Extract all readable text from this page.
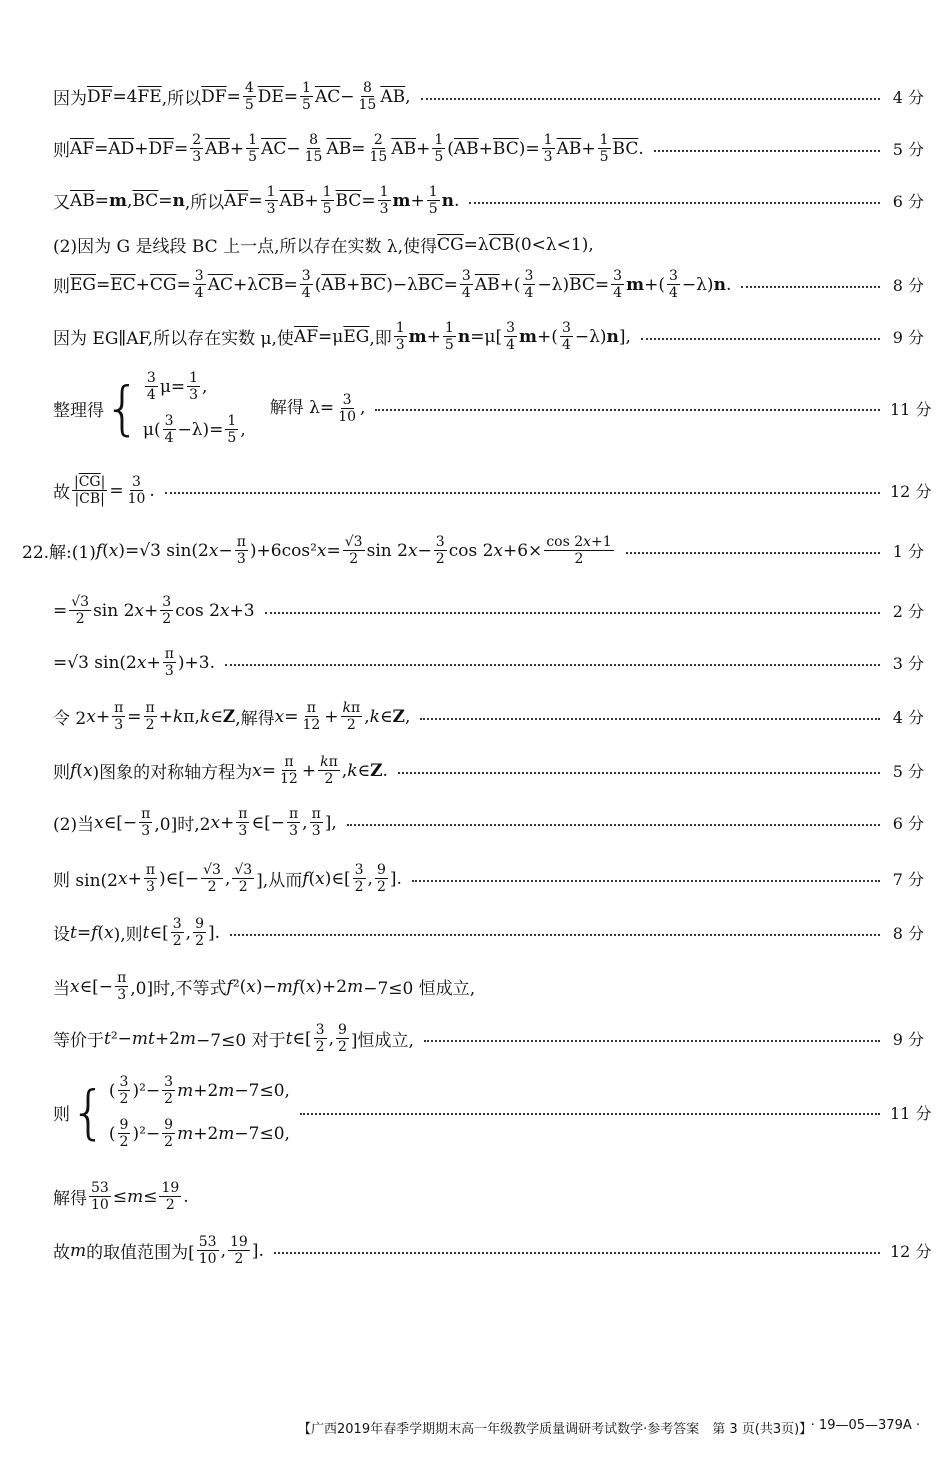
因为 $\overline{DF} =4$ $\overline{FE}$ ,所以 $\overline{DF} = \frac{4}{5} \overline{DE} = \frac{1}{5} \overline{AC} - \frac{8}{15} \overline{AB}$ ,	4 分
则 $\overline{AF} = \overline{AD} + \overline{DF} = \frac{2}{3} \overline{AB} + \frac{1}{5} \overline{AC} - \frac{8}{15} \overline{AB} = \frac{2}{15} \overline{AB} + \frac{1}{5}$ ( $\overline{AB} + \overline{BC}$ )= $\frac{1}{3} \overline{AB} + \frac{1}{5} \overline{BC}$ .	5 分
又 $\overline{AB} = m$ , $\overline{BC} = n$ ,所以 $\overline{AF} = \frac{1}{3} \overline{AB} + \frac{1}{5} \overline{BC} = \frac{1}{3}$ $m + \frac{1}{5}$ n .	6 分
(2)因为 G 是线段 BC 上一点,所以存在实数 λ,使得 $\overline{CG} =\lambda$ $\overline{CB}$ (0<λ<1),
则 $\overline{EG} = \overline{EC} + \overline{CG} = \frac{3}{4} \overline{AC} +\lambda$ $\overline{CB} = \frac{3}{4}$ ( $\overline{AB} + \overline{BC}$ )−λ $\overline{BC} = \frac{3}{4} \overline{AB}$ +( $\frac{3}{4} -\lambda$) $\overline{BC} = \frac{3}{4}$ m +( $\frac{3}{4} -\lambda$) n .	8 分
因为 EG∥AF,所以存在实数 μ,使 $\overline{AF} =\mu$ $\overline{EG}$ ,即 $\frac{1}{3}$ $m + \frac{1}{5}$ $n =\mu[ \frac{3}{4}$ m +( $\frac{3}{4} -\lambda$) n ],	9 分
整理得 { $\frac{3}{4} \mu= \frac{1}{3}$ ,
$\mu( \frac{3}{4} -\lambda)= \frac{1}{5}$ ,
解得 $\lambda= \frac{3}{10}$ ,	11 分
故 $\frac{|\overline{CG}|}{|\overline{CB}|} = \frac{3}{10}$ .	12 分
22.解:(1) f ( x )=√3 sin(2 $x - \frac{\pi}{3} )+6\cos^2$ $x = \frac{√3}{2}$ sin 2 $x - \frac{3}{2}$ cos 2 $x +6\times \frac{\cos 2x+1}{2}$	1 分
= $\frac{√3}{2}$ sin 2 $x + \frac{3}{2}$ cos 2 x +3	2 分
=√3 sin(2 $x + \frac{\pi}{3} )+3$.	3 分
令 2 $x + \frac{\pi}{3} = \frac{\pi}{2} + k$ π, k ∈ Z ,解得 $x = \frac{\pi}{12} + \frac{k\pi}{2}$ , k ∈ Z ,	4 分
则 f ( x )图象的对称轴方程为 $x = \frac{\pi}{12} + \frac{k\pi}{2}$ , k ∈ Z .	5 分
(2)当 x ∈[− $\frac{\pi}{3} ,0$]时,2 $x + \frac{\pi}{3}$ ∈[− $\frac{\pi}{3}$ , $\frac{\pi}{3}$ ],	6 分
则 sin(2 $x + \frac{\pi}{3}$ )∈[− $\frac{√3}{2}$ , $\frac{√3}{2}$ ],从而 f ( x )∈[ $\frac{3}{2}$ , $\frac{9}{2}$ ].	7 分
设 t = f ( x ),则 t ∈[ $\frac{3}{2}$ , $\frac{9}{2}$ ].	8 分
当 x ∈[− $\frac{\pi}{3} ,0$]时,不等式 f ²( x )− mf ( x )+2 m −7≤0 恒成立,
等价于 t ²− mt +2 m −7≤0 对于 t ∈[ $\frac{3}{2}$ , $\frac{9}{2}$ ]恒成立,	9 分
则 { ( $\frac{3}{2} )^2- \frac{3}{2}$ m +2 m −7≤0,
( $\frac{9}{2} )^2- \frac{9}{2}$ m +2 m −7≤0,
11 分
解得 $\frac{53}{10} \le m \le \frac{19}{2}$ .
故 m 的取值范围为[ $\frac{53}{10}$ , $\frac{19}{2}$ ].	12 分
【广西2019年春季学期期末高一年级教学质量调研考试数学·参考答案　第 3 页(共3页)】
· 19—05—379A ·
